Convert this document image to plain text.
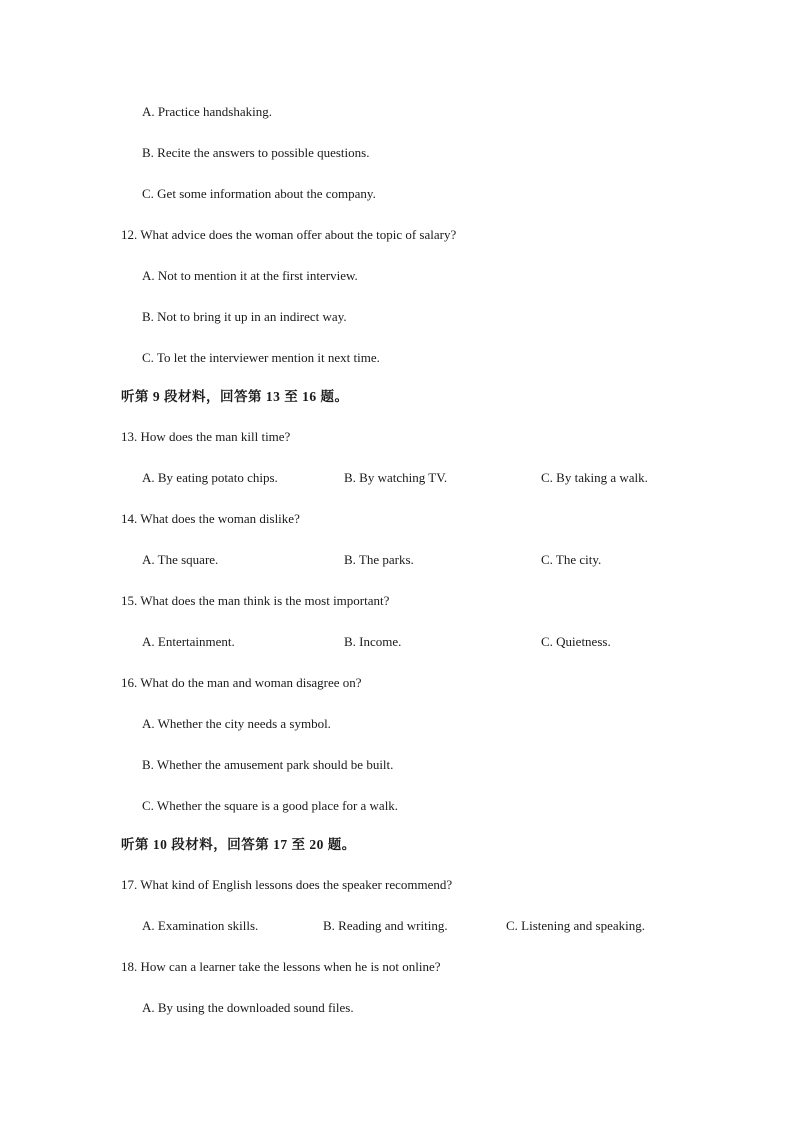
A. Practice handshaking.
B. Recite the answers to possible questions.
C. Get some information about the company.
12. What advice does the woman offer about the topic of salary?
A. Not to mention it at the first interview.
B. Not to bring it up in an indirect way.
C. To let the interviewer mention it next time.
听第 9 段材料，回答第 13 至 16 题。
13. How does the man kill time?
A. By eating potato chips.	B. By watching TV.	C. By taking a walk.
14. What does the woman dislike?
A. The square.	B. The parks.	C. The city.
15. What does the man think is the most important?
A. Entertainment.	B. Income.	C. Quietness.
16. What do the man and woman disagree on?
A. Whether the city needs a symbol.
B. Whether the amusement park should be built.
C. Whether the square is a good place for a walk.
听第 10 段材料，回答第 17 至 20 题。
17. What kind of English lessons does the speaker recommend?
A. Examination skills.	B. Reading and writing.	C. Listening and speaking.
18. How can a learner take the lessons when he is not online?
A. By using the downloaded sound files.
